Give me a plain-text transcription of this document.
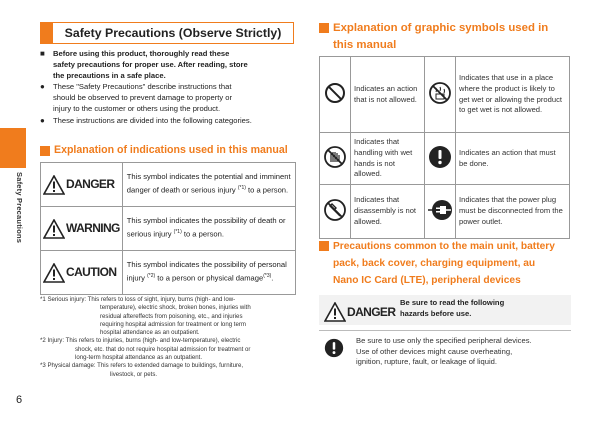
Safety Precautions
6
Safety Precautions (Observe Strictly)
■	Before using this product, thoroughly read these
safety precautions for proper use. After reading, store
the precautions in a safe place.
●	These "Safety Precautions" describe instructions that
should be observed to prevent damage to property or
injury to the customer or others using the product.
●	These instructions are divided into the following categories.
Explanation of indications used in this manual
DANGER	This symbol indicates the potential and imminent danger of death or serious injury $^{(*1)}$ to a person.

WARNING	This symbol indicates the possibility of death or serious injury $^{(*1)}$ to a person.

CAUTION	This symbol indicates the possibility of personal injury $^{(*2)}$ to a person or physical damage$^{(*3)}$.
*1 Serious injury: This refers to loss of sight, injury, burns (high- and low-
temperature), electric shock, broken bones, injuries with
residual aftereffects from poisoning, etc., and injuries
requiring hospital admission for treatment or long term
hospital attendance as an outpatient.
*2 Injury: This refers to injuries, burns (high- and low-temperature), electric
shock, etc. that do not require hospital admission for treatment or
long-term hospital attendance as an outpatient.
*3 Physical damage: This refers to extended damage to buildings, furniture,
livestock, or pets.
Explanation of graphic symbols used in
this manual
	Indicates an action that is not allowed.		Indicates that use in a place where the product is likely to get wet or allowing the product to get wet is not allowed.
	Indicates that handling with wet hands is not allowed.		Indicates an action that must be done.
	Indicates that disassembly is not allowed.		Indicates that the power plug must be disconnected from the power outlet.
Precautions common to the main unit, battery
pack, back cover, charging equipment, au
Nano IC Card (LTE), peripheral devices
DANGER
Be sure to read the following
hazards before use.
Be sure to use only the specified peripheral devices.
Use of other devices might cause overheating,
ignition, rupture, fault, or leakage of liquid.
